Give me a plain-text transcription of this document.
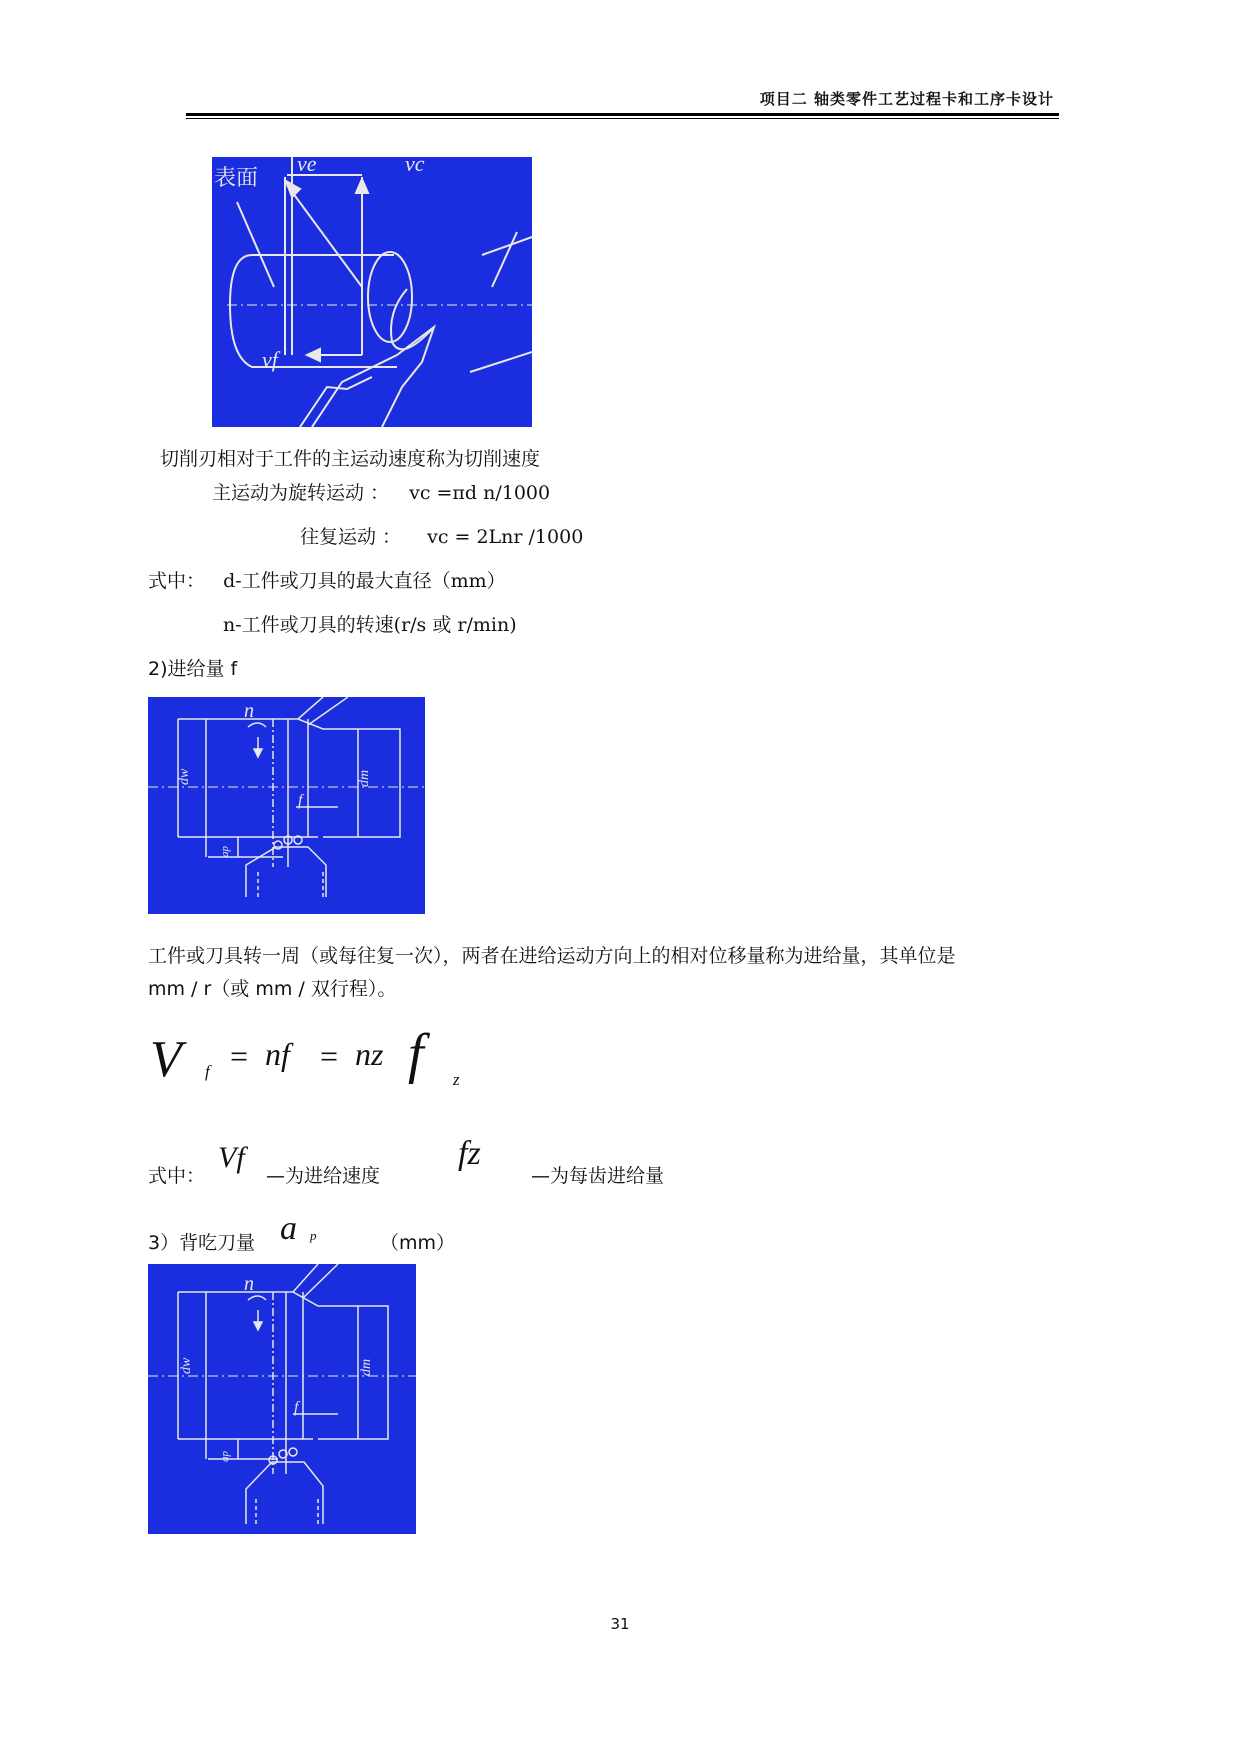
项目二 轴类零件工艺过程卡和工序卡设计
表面
ve	vc
vf
切削刃相对于工件的主运动速度称为切削速度
主运动为旋转运动 ： vc =πd n/1000
往复运动 ： vc = 2Lnr /1000
式中： d-工件或刀具的最大直径（mm）
n-工件或刀具的转速(r/s 或 r/min)
2)进给量 f
n
dw	dm
f
ap
工件或刀具转一周（或每往复一次），两者在进给运动方向上的相对位移量称为进给量，其单位是
mm / r（或 mm / 双行程）。
V f = nf = nz f z
式中：
Vf
—为进给速度
fz
—为每齿进给量
3）背吃刀量 a p	（mm）
n
dw	dm
f
ap
31
